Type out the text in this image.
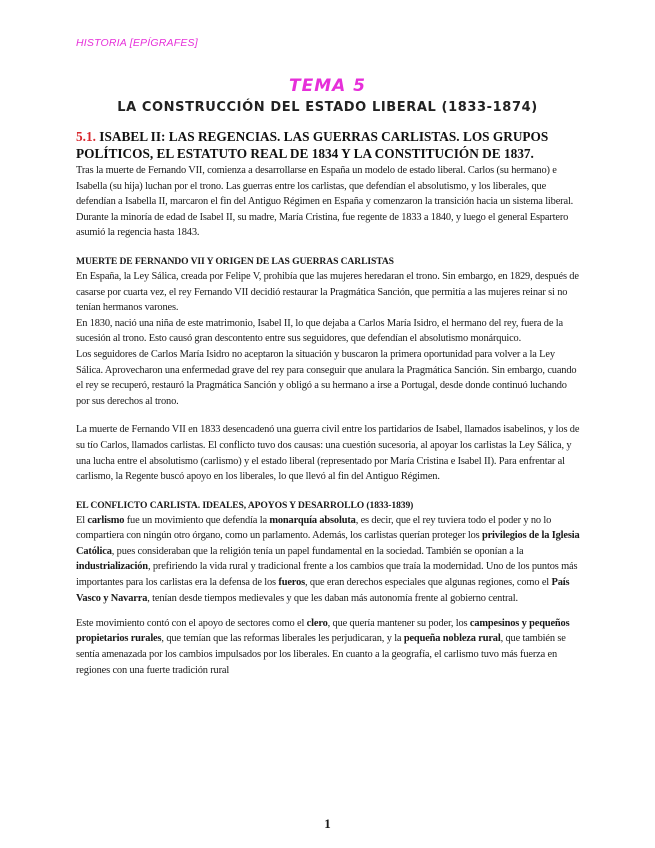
HISTORIA [EPÍGRAFES]
TEMA 5
LA CONSTRUCCIÓN DEL ESTADO LIBERAL (1833-1874)
5.1. ISABEL II: LAS REGENCIAS. LAS GUERRAS CARLISTAS. LOS GRUPOS POLÍTICOS, EL ESTATUTO REAL DE 1834 Y LA CONSTITUCIÓN DE 1837.

Tras la muerte de Fernando VII, comienza a desarrollarse en España un modelo de estado liberal. Carlos (su hermano) e Isabella (su hija) luchan por el trono. Las guerras entre los carlistas, que defendían el absolutismo, y los liberales, que defendían a Isabella II, marcaron el fin del Antiguo Régimen en España y comenzaron la transición hacia un sistema liberal.

Durante la minoría de edad de Isabel II, su madre, María Cristina, fue regente de 1833 a 1840, y luego el general Espartero asumió la regencia hasta 1843.

MUERTE DE FERNANDO VII Y ORIGEN DE LAS GUERRAS CARLISTAS

En España, la Ley Sálica, creada por Felipe V, prohibía que las mujeres heredaran el trono. Sin embargo, en 1829, después de casarse por cuarta vez, el rey Fernando VII decidió restaurar la Pragmática Sanción, que permitía a las mujeres reinar si no tenían hermanos varones.

En 1830, nació una niña de este matrimonio, Isabel II, lo que dejaba a Carlos María Isidro, el hermano del rey, fuera de la sucesión al trono. Esto causó gran descontento entre sus seguidores, que defendían el absolutismo monárquico.

Los seguidores de Carlos María Isidro no aceptaron la situación y buscaron la primera oportunidad para volver a la Ley Sálica. Aprovecharon una enfermedad grave del rey para conseguir que anulara la Pragmática Sanción. Sin embargo, cuando el rey se recuperó, restauró la Pragmática Sanción y obligó a su hermano a irse a Portugal, desde donde continuó luchando por sus derechos al trono.

La muerte de Fernando VII en 1833 desencadenó una guerra civil entre los partidarios de Isabel, llamados isabelinos, y los de su tío Carlos, llamados carlistas. El conflicto tuvo dos causas: una cuestión sucesoria, al apoyar los carlistas la Ley Sálica, y una lucha entre el absolutismo (carlismo) y el estado liberal (representado por María Cristina e Isabel II). Para enfrentar al carlismo, la Regente buscó apoyo en los liberales, lo que llevó al fin del Antiguo Régimen.

EL CONFLICTO CARLISTA. IDEALES, APOYOS Y DESARROLLO (1833-1839)

El carlismo fue un movimiento que defendía la monarquía absoluta, es decir, que el rey tuviera todo el poder y no lo compartiera con ningún otro órgano, como un parlamento. Además, los carlistas querían proteger los privilegios de la Iglesia Católica, pues consideraban que la religión tenía un papel fundamental en la sociedad. También se oponían a la industrialización, prefiriendo la vida rural y tradicional frente a los cambios que traía la modernidad. Uno de los puntos más importantes para los carlistas era la defensa de los fueros, que eran derechos especiales que algunas regiones, como el País Vasco y Navarra, tenían desde tiempos medievales y que les daban más autonomía frente al gobierno central.

Este movimiento contó con el apoyo de sectores como el clero, que quería mantener su poder, los campesinos y pequeños propietarios rurales, que temían que las reformas liberales les perjudicaran, y la pequeña nobleza rural, que también se sentía amenazada por los cambios impulsados por los liberales. En cuanto a la geografía, el carlismo tuvo más fuerza en regiones con una fuerte tradición rural

1
